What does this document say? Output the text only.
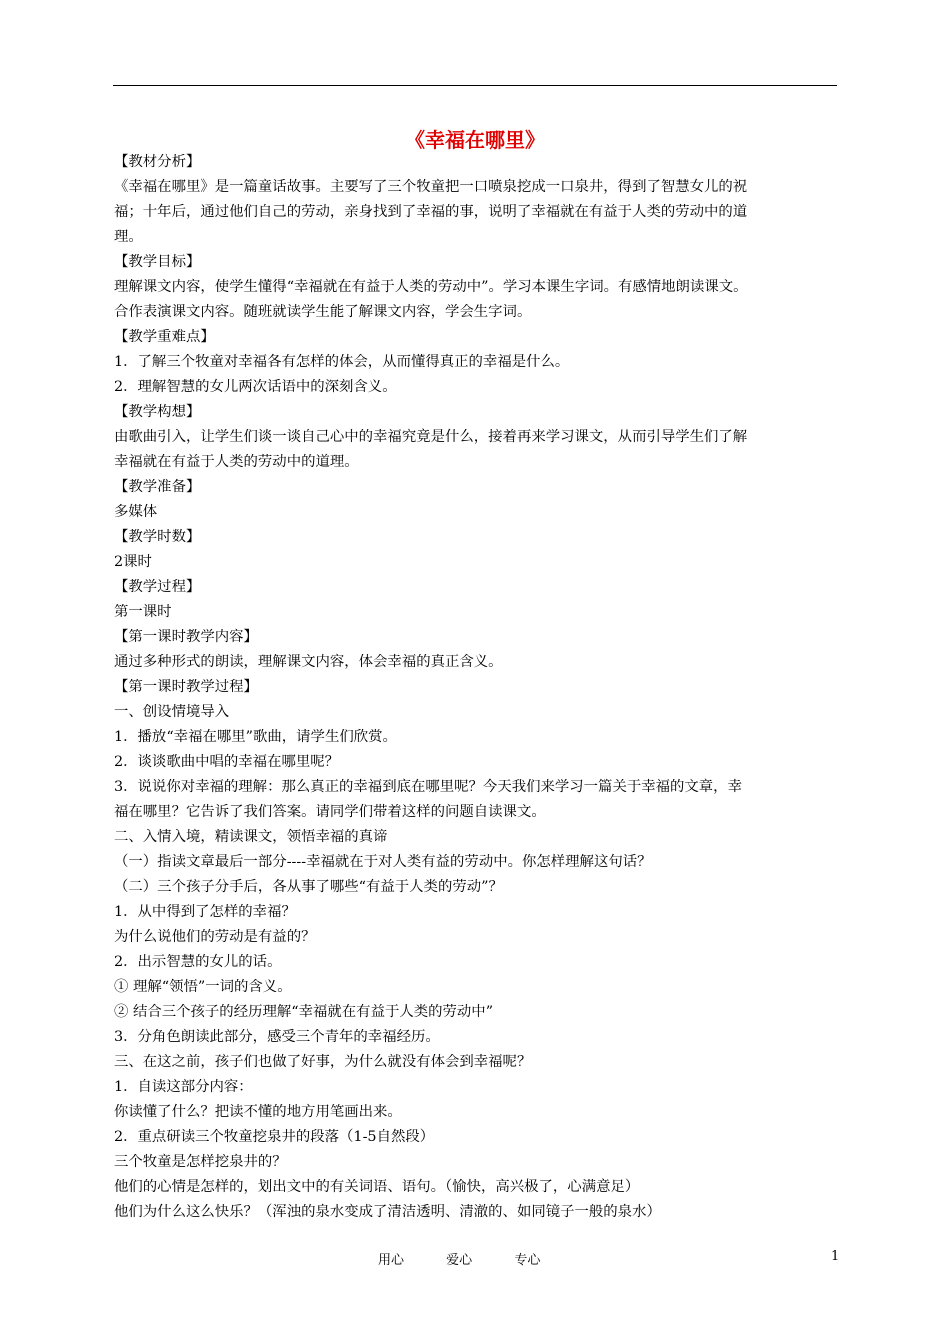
《幸福在哪里》
【教材分析】
《幸福在哪里》是一篇童话故事。主要写了三个牧童把一口喷泉挖成一口泉井，得到了智慧女儿的祝
福；十年后，通过他们自己的劳动，亲身找到了幸福的事，说明了幸福就在有益于人类的劳动中的道
理。
【教学目标】
理解课文内容，使学生懂得“幸福就在有益于人类的劳动中”。学习本课生字词。有感情地朗读课文。
合作表演课文内容。随班就读学生能了解课文内容，学会生字词。
【教学重难点】
1．了解三个牧童对幸福各有怎样的体会，从而懂得真正的幸福是什么。
2．理解智慧的女儿两次话语中的深刻含义。
【教学构想】
由歌曲引入，让学生们谈一谈自己心中的幸福究竟是什么，接着再来学习课文，从而引导学生们了解
幸福就在有益于人类的劳动中的道理。
【教学准备】
多媒体
【教学时数】
2课时
【教学过程】
第一课时
【第一课时教学内容】
通过多种形式的朗读，理解课文内容，体会幸福的真正含义。
【第一课时教学过程】
一、创设情境导入
1．播放“幸福在哪里”歌曲，请学生们欣赏。
2．谈谈歌曲中唱的幸福在哪里呢？
3．说说你对幸福的理解：那么真正的幸福到底在哪里呢？今天我们来学习一篇关于幸福的文章，幸
福在哪里？它告诉了我们答案。请同学们带着这样的问题自读课文。
二、入情入境，精读课文，领悟幸福的真谛
（一）指读文章最后一部分----幸福就在于对人类有益的劳动中。你怎样理解这句话？
（二）三个孩子分手后，各从事了哪些“有益于人类的劳动”？
1．从中得到了怎样的幸福？
为什么说他们的劳动是有益的？
2．出示智慧的女儿的话。
① 理解“领悟”一词的含义。
② 结合三个孩子的经历理解“幸福就在有益于人类的劳动中”
3．分角色朗读此部分，感受三个青年的幸福经历。
三、在这之前，孩子们也做了好事，为什么就没有体会到幸福呢？
1．自读这部分内容：
你读懂了什么？把读不懂的地方用笔画出来。
2．重点研读三个牧童挖泉井的段落（1-5自然段）
三个牧童是怎样挖泉井的？
他们的心情是怎样的，划出文中的有关词语、语句。（愉快，高兴极了，心满意足）
他们为什么这么快乐？（浑浊的泉水变成了清洁透明、清澈的、如同镜子一般的泉水）
用心	爱心	专心	1
